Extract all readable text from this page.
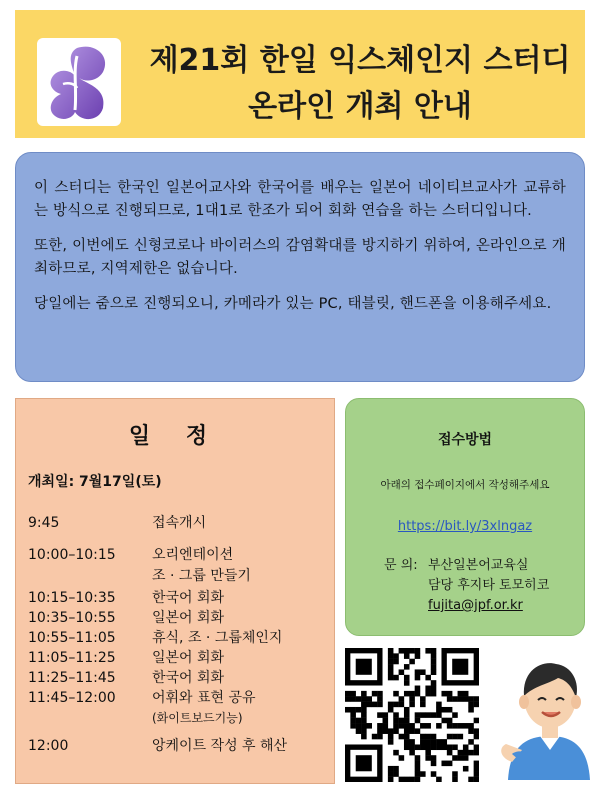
제21회 한일 익스체인지 스터디
온라인 개최 안내

이 스터디는 한국인 일본어교사와 한국어를 배우는 일본어 네이티브교사가 교류하는 방식으로 진행되므로, 1대1로 한조가 되어 회화 연습을 하는 스터디입니다.

또한, 이번에도 신형코로나 바이러스의 감염확대를 방지하기 위하여, 온라인으로 개최하므로, 지역제한은 없습니다.

당일에는 줌으로 진행되오니, 카메라가 있는 PC, 태블릿, 핸드폰을 이용해주세요.

일 정
개최일: 7월17일(토)
9:45	접속개시
10:00–10:15	오리엔테이션
조 · 그룹 만들기
10:15–10:35	한국어 회화
10:35–10:55	일본어 회화
10:55–11:05	휴식, 조 · 그룹체인지
11:05–11:25	일본어 회화
11:25–11:45	한국어 회화
11:45–12:00	어휘와 표현 공유
(화이트보드기능)
12:00	앙케이트 작성 후 해산
접수방법
아래의 접수페이지에서 작성해주세요
https://bit.ly/3xlngaz
문 의: 부산일본어교육실
담당 후지타 토모히코
fujita@jpf.or.kr
